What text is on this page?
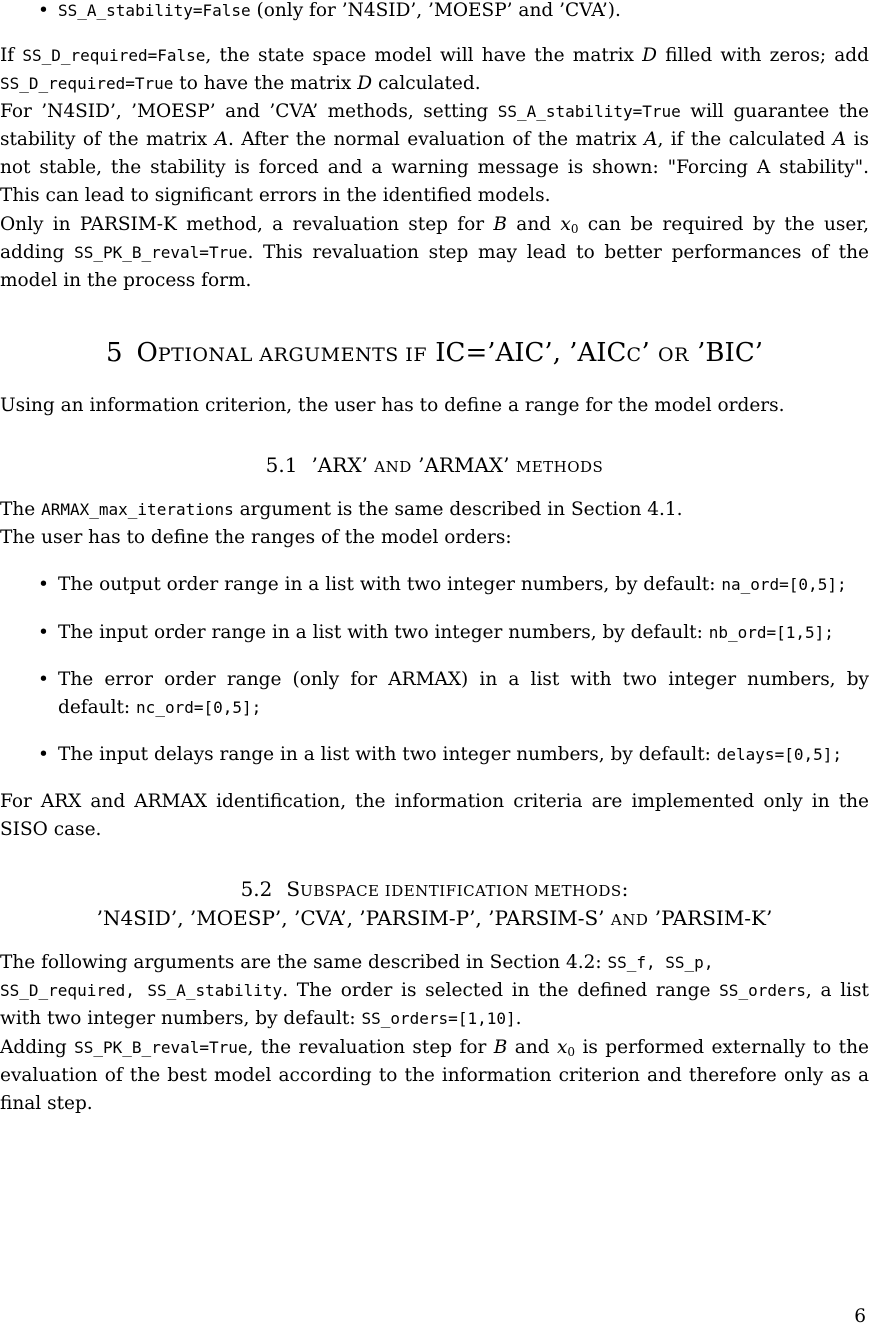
• SS_A_stability=False (only for ’N4SID’, ’MOESP’ and ’CVA’).

If SS_D_required=False, the state space model will have the matrix D filled with zeros; add SS_D_required=True to have the matrix D calculated.

For ’N4SID’, ’MOESP’ and ’CVA’ methods, setting SS_A_stability=True will guarantee the stability of the matrix A. After the normal evaluation of the matrix A, if the calculated A is not stable, the stability is forced and a warning message is shown: "Forcing A stability". This can lead to significant errors in the identified models.

Only in PARSIM-K method, a revaluation step for B and $x_0$ can be required by the user, adding SS_PK_B_reval=True. This revaluation step may lead to better performances of the model in the process form.

5 OPTIONAL ARGUMENTS IF IC=’AIC’, ’AICC’ OR ’BIC’

Using an information criterion, the user has to define a range for the model orders.

5.1 ’ARX’ AND ’ARMAX’ METHODS

The ARMAX_max_iterations argument is the same described in Section 4.1.

The user has to define the ranges of the model orders:

• The output order range in a list with two integer numbers, by default: na_ord=[0,5];
• The input order range in a list with two integer numbers, by default: nb_ord=[1,5];
• The error order range (only for ARMAX) in a list with two integer numbers, by default: nc_ord=[0,5];
• The input delays range in a list with two integer numbers, by default: delays=[0,5];

For ARX and ARMAX identification, the information criteria are implemented only in the SISO case.

5.2 SUBSPACE IDENTIFICATION METHODS:
’N4SID’, ’MOESP’, ’CVA’, ’PARSIM-P’, ’PARSIM-S’ AND ’PARSIM-K’

The following arguments are the same described in Section 4.2: SS_f, SS_p,

SS_D_required, SS_A_stability. The order is selected in the defined range SS_orders, a list with two integer numbers, by default: SS_orders=[1,10].

Adding SS_PK_B_reval=True, the revaluation step for B and $x_0$ is performed externally to the evaluation of the best model according to the information criterion and therefore only as a final step.

6
